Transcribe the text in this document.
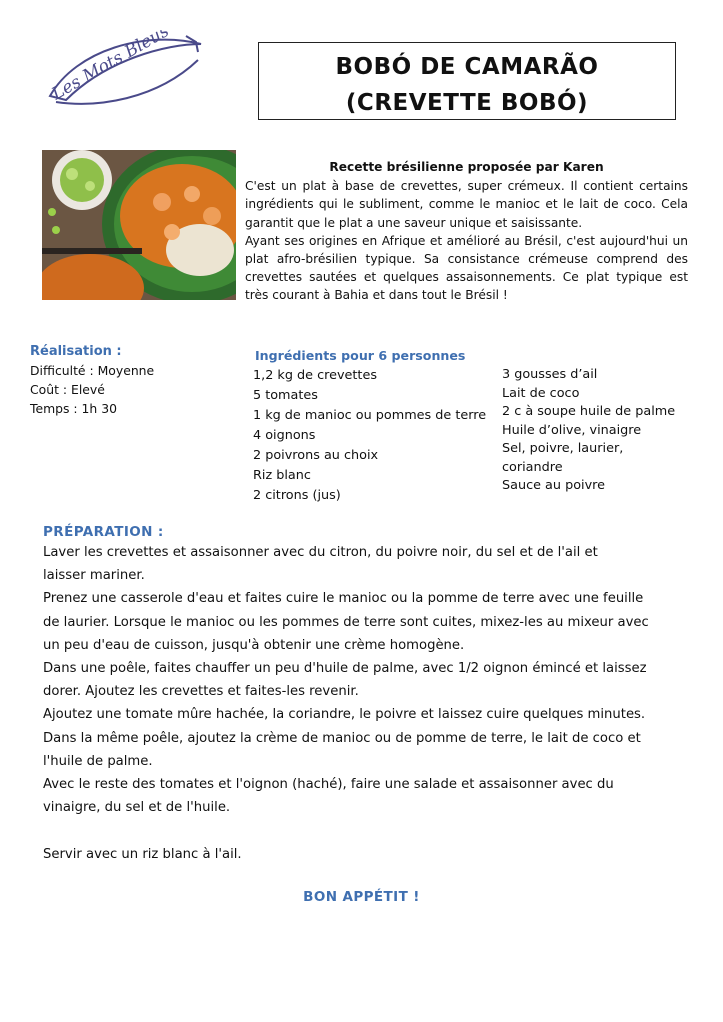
Les Mots Bleus	BOBÓ DE CAMARÃO
(CREVETTE BOBÓ)
Recette brésilienne proposée par Karen

C'est un plat à base de crevettes, super crémeux. Il contient certains ingrédients qui le subliment, comme le manioc et le lait de coco. Cela garantit que le plat a une saveur unique et saisissante.

Ayant ses origines en Afrique et amélioré au Brésil, c'est aujourd'hui un plat afro-brésilien typique. Sa consistance crémeuse comprend des crevettes sautées et quelques assaisonnements. Ce plat typique est très courant à Bahia et dans tout le Brésil !

Réalisation :
Difficulté : Moyenne
Coût : Elevé
Temps : 1h 30
Ingrédients pour 6 personnes
1,2 kg de crevettes
5 tomates
1 kg de manioc ou pommes de terre
4 oignons
2 poivrons au choix
Riz blanc
2 citrons (jus)
3 gousses d’ail
Lait de coco
2 c à soupe huile de palme
Huile d’olive, vinaigre
Sel, poivre, laurier, coriandre
Sauce au poivre
PRÉPARATION :
Laver les crevettes et assaisonner avec du citron, du poivre noir, du sel et de l'ail et
laisser mariner.
Prenez une casserole d'eau et faites cuire le manioc ou la pomme de terre avec une feuille
de laurier. Lorsque le manioc ou les pommes de terre sont cuites, mixez-les au mixeur avec
un peu d'eau de cuisson, jusqu'à obtenir une crème homogène.
Dans une poêle, faites chauffer un peu d'huile de palme, avec 1/2 oignon émincé et laissez
dorer. Ajoutez les crevettes et faites-les revenir.
Ajoutez une tomate mûre hachée, la coriandre, le poivre et laissez cuire quelques minutes.
Dans la même poêle, ajoutez la crème de manioc ou de pomme de terre, le lait de coco et
l'huile de palme.
Avec le reste des tomates et l'oignon (haché), faire une salade et assaisonner avec du
vinaigre, du sel et de l'huile.
Servir avec un riz blanc à l'ail.
BON APPÉTIT !
